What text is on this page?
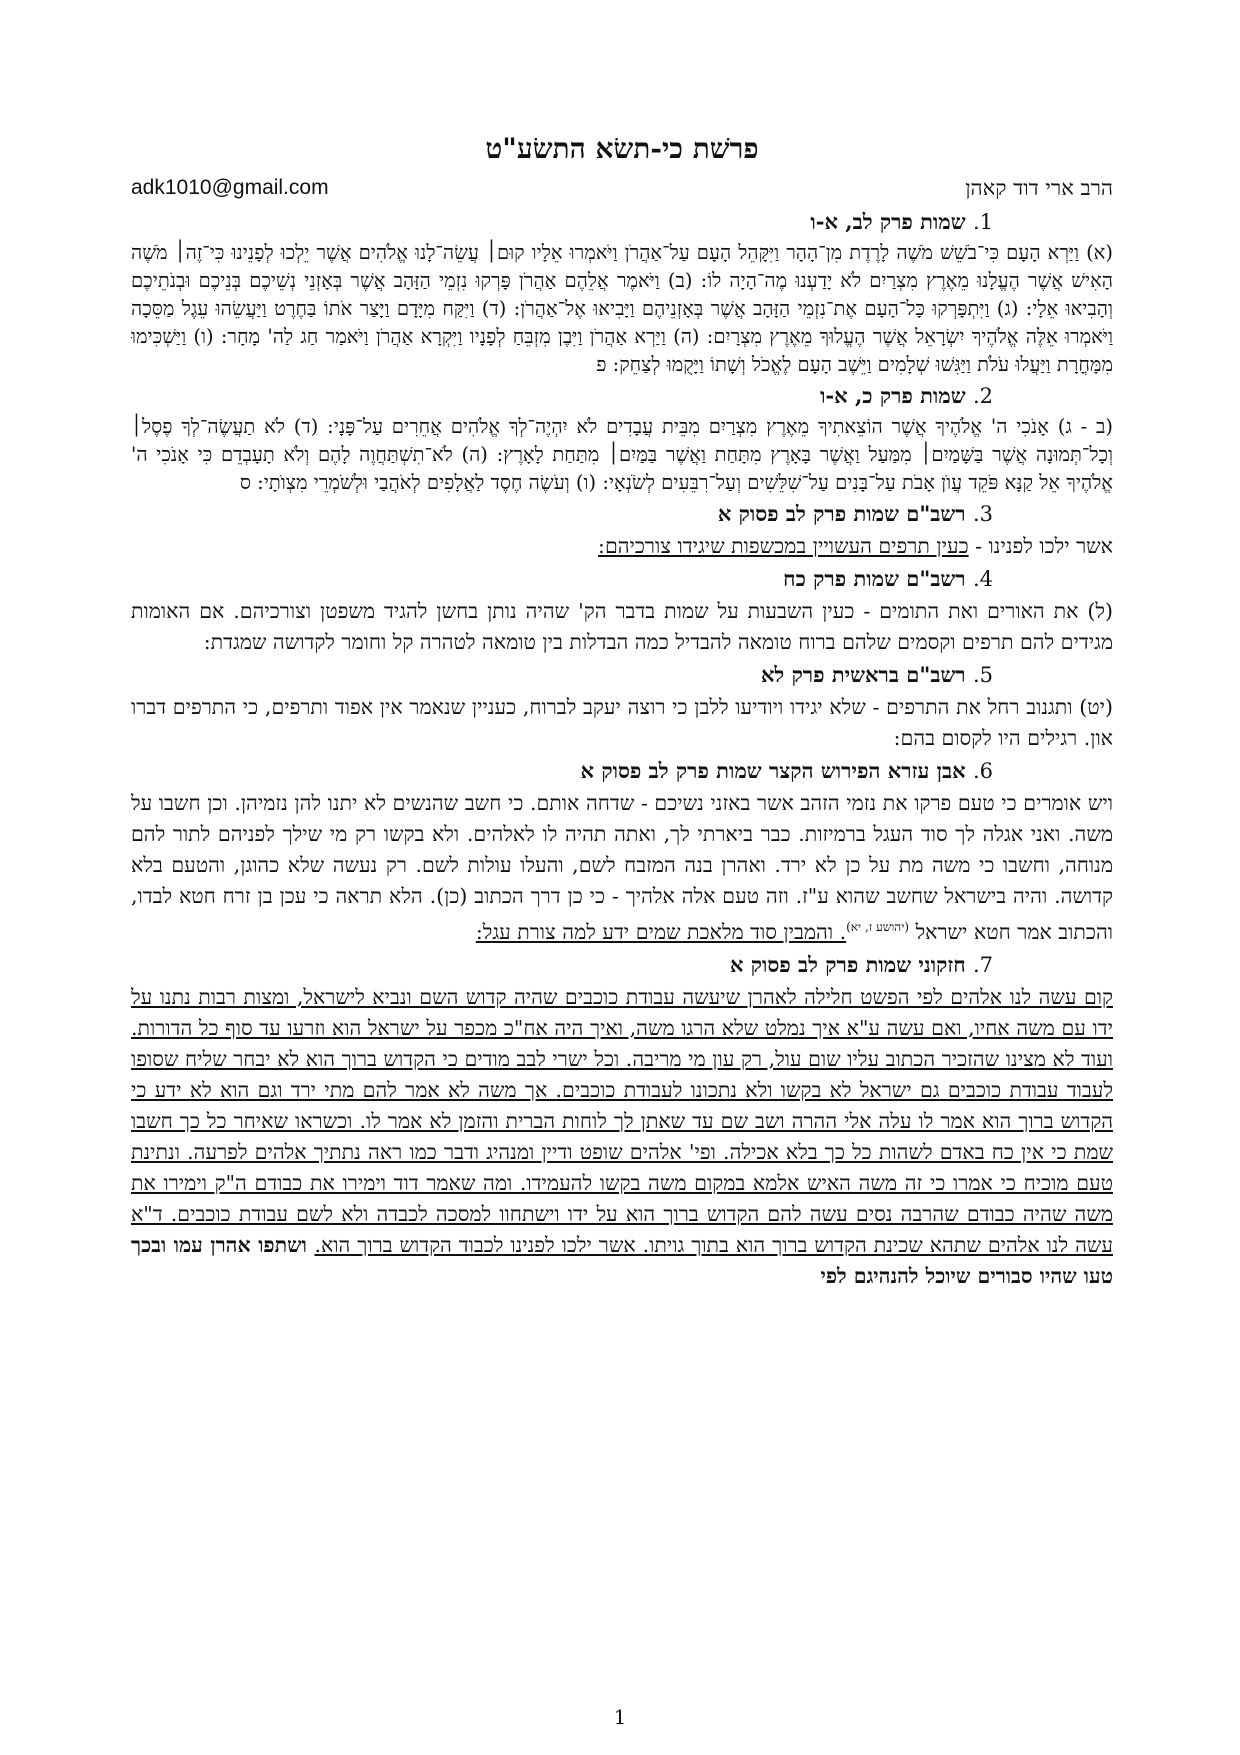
פרשׁת כי-תשׂא התשׂע"ט
הרב ארי דוד קאהן
adk1010@gmail.com
1. שמות פרק לב, א-ו

(א) וַיַּרְא הָעָם כִּי־בֹשֵׁשׁ מֹשֶׁה לָרֶדֶת מִן־הָהָר וַיִּקָּהֵל הָעָם עַל־אַהֲרֹן וַיֹּאמְרוּ אֵלָיו קוּם׀ עֲשֵׂה־לָנוּ אֱלֹהִים אֲשֶׁר יֵלְכוּ לְפָנֵינוּ כִּי־זֶה׀ מֹשֶׁה הָאִישׁ אֲשֶׁר הֶעֱלָנוּ מֵאֶרֶץ מִצְרַיִם לֹא יָדַעְנוּ מֶה־הָיָה לוֹ: (ב) וַיֹּאמֶר אֲלֵהֶם אַהֲרֹן פָּרְקוּ נִזְמֵי הַזָּהָב אֲשֶׁר בְּאָזְנֵי נְשֵׁיכֶם בְּנֵיכֶם וּבְנֹתֵיכֶם וְהָבִיאוּ אֵלָי: (ג) וַיִּתְפָּרְקוּ כָּל־הָעָם אֶת־נִזְמֵי הַזָּהָב אֲשֶׁר בְּאָזְנֵיהֶם וַיָּבִיאוּ אֶל־אַהֲרֹן: (ד) וַיִּקַּח מִיָּדָם וַיָּצַר אֹתוֹ בַּחֶרֶט וַיַּעֲשֵׂהוּ עֵגֶל מַסֵּכָה וַיֹּאמְרוּ אֵלֶּה אֱלֹהֶיךָ יִשְׂרָאֵל אֲשֶׁר הֶעֱלוּךָ מֵאֶרֶץ מִצְרָיִם: (ה) וַיַּרְא אַהֲרֹן וַיִּבֶן מִזְבֵּחַ לְפָנָיו וַיִּקְרָא אַהֲרֹן וַיֹּאמַר חַג לַה' מָחָר: (ו) וַיַּשְׁכִּימוּ מִמָּחֳרָת וַיַּעֲלוּ עֹלֹת וַיַּגִּשׁוּ שְׁלָמִים וַיֵּשֶׁב הָעָם לֶאֱכֹל וְשָׁתוֹ וַיָּקֻמוּ לְצַחֵק: פ

2. שמות פרק כ, א-ו

(ב - ג) אָנֹכִי ה' אֱלֹהֶיךָ אֲשֶׁר הוֹצֵאתִיךָ מֵאֶרֶץ מִצְרַיִם מִבֵּית עֲבָדִים לֹא יִהְיֶה־לְךָ אֱלֹהִים אֲחֵרִים עַל־פָּנָי: (ד) לֹא תַעֲשֶׂה־לְךָ פֶסֶל׀ וְכָל־תְּמוּנָה אֲשֶׁר בַּשָּׁמַיִם׀ מִמַּעַל וַאֲשֶׁר בָּאָרֶץ מִתָּחַת וַאֲשֶׁר בַּמַּיִם׀ מִתַּחַת לָאָרֶץ: (ה) לֹא־תִשְׁתַּחֲוֶה לָהֶם וְלֹא תָעָבְדֵם כִּי אָנֹכִי ה' אֱלֹהֶיךָ אֵל קַנָּא פֹּקֵד עֲוֺן אָבֹת עַל־בָּנִים עַל־שִׁלֵּשִׁים וְעַל־רִבֵּעִים לְשֹׂנְאָי: (ו) וְעֹשֶׂה חֶסֶד לַאֲלָפִים לְאֹהֲבַי וּלְשֹׁמְרֵי מִצְוֺתָי: ס

3. רשב"ם שמות פרק לב פסוק א

אשר ילכו לפנינו - כעין תרפים העשויין במכשפות שיגידו צורכיהם:

4. רשב"ם שמות פרק כח

(ל) את האורים ואת התומים - כעין השבעות על שמות בדבר הק' שהיה נותן בחשן להגיד משפטן וצורכיהם. אם האומות מגידים להם תרפים וקסמים שלהם ברוח טומאה להבדיל כמה הבדלות בין טומאה לטהרה קל וחומר לקדושה שמגדת:

5. רשב"ם בראשית פרק לא

(יט) ותגנוב רחל את התרפים - שלא יגידו ויודיעו ללבן כי רוצה יעקב לברוח, כעניין שנאמר אין אפוד ותרפים, כי התרפים דברו און. רגילים היו לקסום בהם:

6. אבן עזרא הפירוש הקצר שמות פרק לב פסוק א

ויש אומרים כי טעם פרקו את נזמי הזהב אשר באזני נשיכם - שדחה אותם. כי חשב שהנשים לא יתנו להן נזמיהן. וכן חשבו על משה. ואני אגלה לך סוד העגל ברמיזות. כבר ביארתי לך, ואתה תהיה לו לאלהים. ולא בקשו רק מי שילך לפניהם לתור להם מנוחה, וחשבו כי משה מת על כן לא ירד. ואהרן בנה המזבח לשם, והעלו עולות לשם. רק נעשה שלא כהוגן, והטעם בלא קדושה. והיה בישראל שחשב שהוא ע"ז. וזה טעם אלה אלהיך - כי כן דרך הכתוב (כן). הלא תראה כי עכן בן זרח חטא לבדו, והכתוב אמר חטא ישראל $^{(יהושע ז, יא)}$. והמבין סוד מלאכת שמים ידע למה צורת עגל:

7. חזקוני שמות פרק לב פסוק א

קום עשה לנו אלהים לפי הפשט חלילה לאהרן שיעשה עבודת כוכבים שהיה קדוש השם ונביא לישראל, ומצות רבות נתנו על ידו עם משה אחיו, ואם עשה ע"א איך נמלט שלא הרגו משה, ואיך היה אח"כ מכפר על ישראל הוא וזרעו עד סוף כל הדורות. ועוד לא מצינו שהזכיר הכתוב עליו שום עול, רק עון מי מריבה. וכל ישרי לבב מודים כי הקדוש ברוך הוא לא יבחר שליח שסופו לעבוד עבודת כוכבים גם ישראל לא בקשו ולא נתכונו לעבודת כוכבים. אך משה לא אמר להם מתי ירד וגם הוא לא ידע כי הקדוש ברוך הוא אמר לו עלה אלי ההרה ושב שם עד שאתן לך לוחות הברית והזמן לא אמר לו. וכשראו שאיחר כל כך חשבו שמת כי אין כח באדם לשהות כל כך בלא אכילה. ופי' אלהים שופט ודיין ומנהיג ודבר כמו ראה נתתיך אלהים לפרעה. ונתינת טעם מוכיח כי אמרו כי זה משה האיש אלמא במקום משה בקשו להעמידו. ומה שאמר דוד וימירו את כבודם ה"ק וימירו את משה שהיה כבודם שהרבה נסים עשה להם הקדוש ברוך הוא על ידו וישתחוו למסכה לכבדה ולא לשם עבודת כוכבים. ד"א עשה לנו אלהים שתהא שכינת הקדוש ברוך הוא בתוך גויתו. אשר ילכו לפנינו לכבוד הקדוש ברוך הוא. ושתפו אהרן עמו ובכך טעו שהיו סבורים שיוכל להנהיגם לפי

1
